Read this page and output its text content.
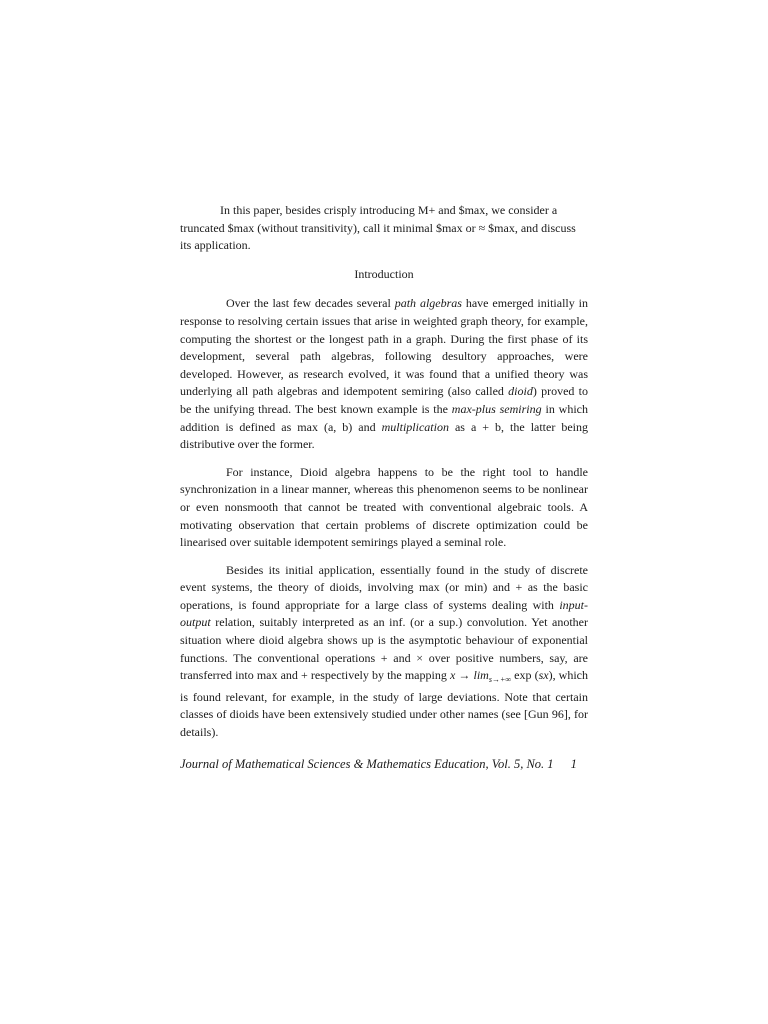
In this paper, besides crisply introducing M+ and $max, we consider a truncated $max (without transitivity), call it minimal $max or ≈ $max, and discuss its application.

Introduction

Over the last few decades several path algebras have emerged initially in response to resolving certain issues that arise in weighted graph theory, for example, computing the shortest or the longest path in a graph. During the first phase of its development, several path algebras, following desultory approaches, were developed. However, as research evolved, it was found that a unified theory was underlying all path algebras and idempotent semiring (also called dioid) proved to be the unifying thread. The best known example is the max-plus semiring in which addition is defined as max (a, b) and multiplication as a + b, the latter being distributive over the former.

For instance, Dioid algebra happens to be the right tool to handle synchronization in a linear manner, whereas this phenomenon seems to be nonlinear or even nonsmooth that cannot be treated with conventional algebraic tools. A motivating observation that certain problems of discrete optimization could be linearised over suitable idempotent semirings played a seminal role.

Besides its initial application, essentially found in the study of discrete event systems, the theory of dioids, involving max (or min) and + as the basic operations, is found appropriate for a large class of systems dealing with input-output relation, suitably interpreted as an inf. (or a sup.) convolution. Yet another situation where dioid algebra shows up is the asymptotic behaviour of exponential functions. The conventional operations + and × over positive numbers, say, are transferred into max and + respectively by the mapping $x \to \lim_{s\to+\infty} \exp (sx)$, which is found relevant, for example, in the study of large deviations. Note that certain classes of dioids have been extensively studied under other names (see [Gun 96], for details).

Journal of Mathematical Sciences & Mathematics Education, Vol. 5, No. 1 1
